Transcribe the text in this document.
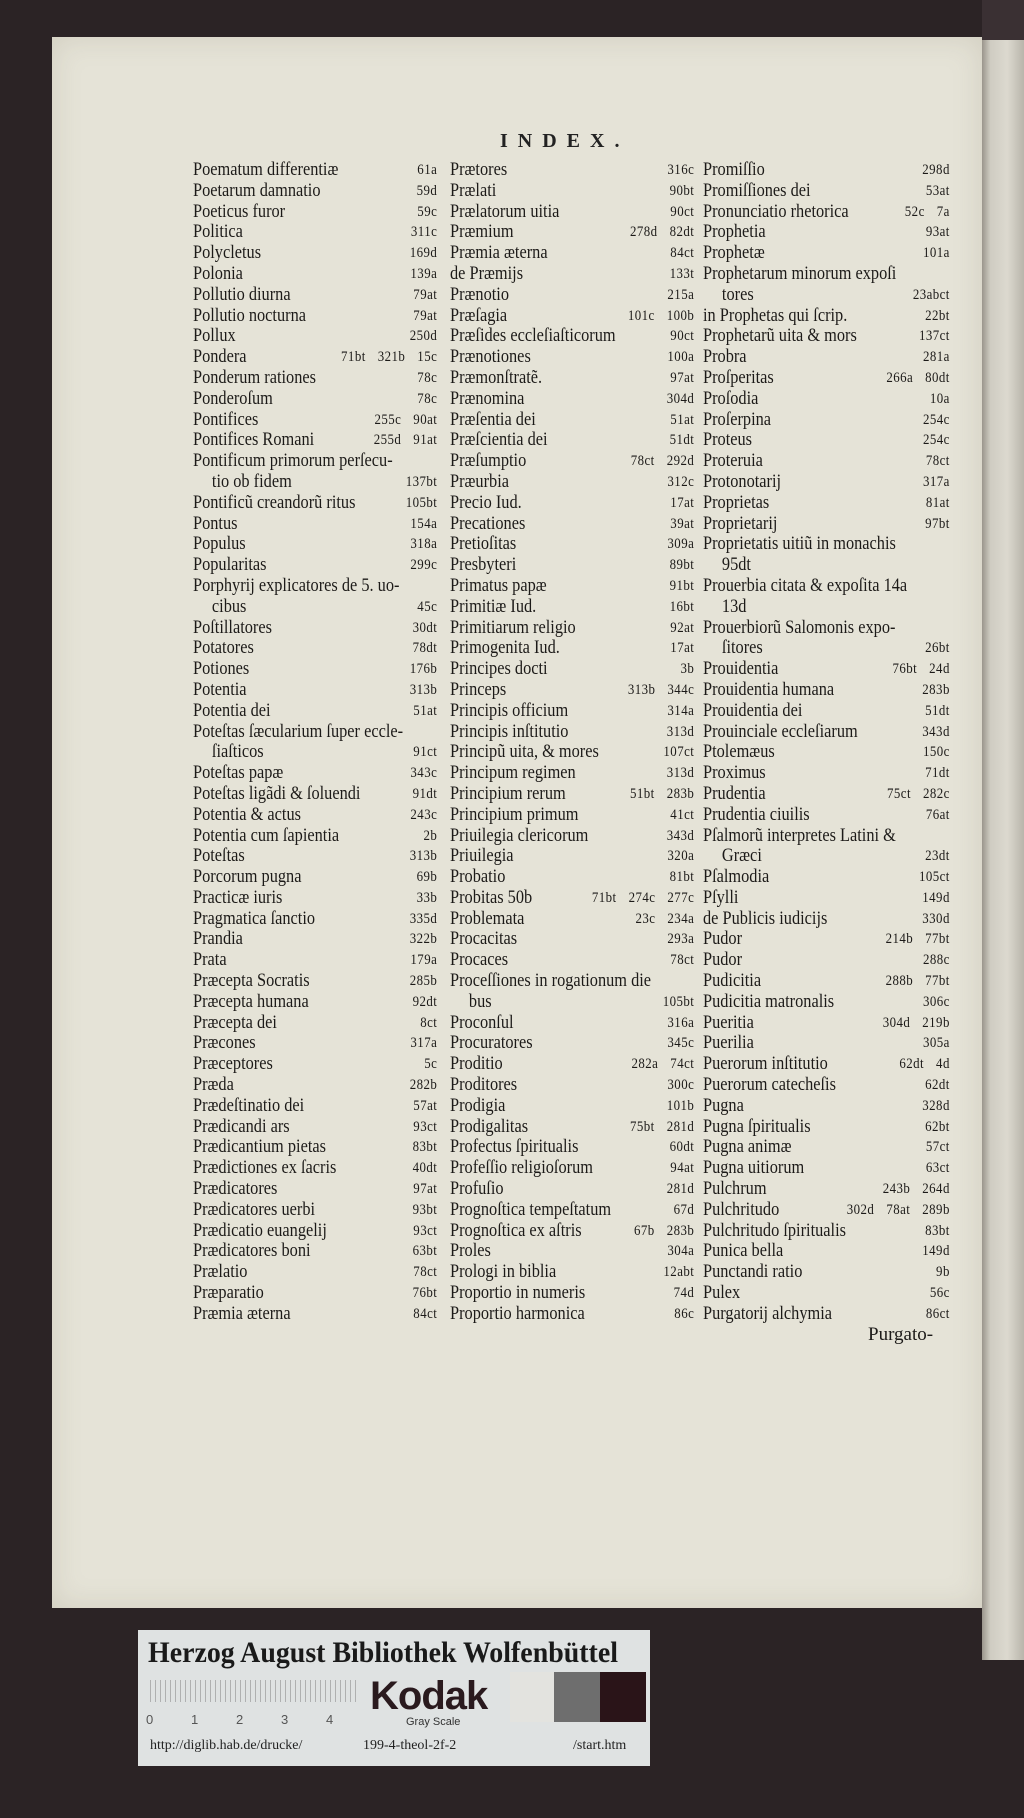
INDEX.
Poematum differentiæ	61a
Poetarum damnatio	59d
Poeticus furor	59c
Politica	311c
Polycletus	169d
Polonia	139a
Pollutio diurna	79at
Pollutio nocturna	79at
Pollux	250d
Pondera	71bt 321b 15c
Ponderum rationes	78c
Ponderoſum	78c
Pontifices	255c 90at
Pontifices Romani	255d 91at
Pontificum primorum perſecu-
tio ob fidem	137bt
Pontificũ creandorũ ritus	105bt
Pontus	154a
Populus	318a
Popularitas	299c
Porphyrij explicatores de 5. uo-
cibus	45c
Poſtillatores	30dt
Potatores	78dt
Potiones	176b
Potentia	313b
Potentia dei	51at
Poteſtas ſæcularium ſuper eccle-
ſiaſticos	91ct
Poteſtas papæ	343c
Poteſtas ligãdi & ſoluendi	91dt
Potentia & actus	243c
Potentia cum ſapientia	2b
Poteſtas	313b
Porcorum pugna	69b
Practicæ iuris	33b
Pragmatica ſanctio	335d
Prandia	322b
Prata	179a
Præcepta Socratis	285b
Præcepta humana	92dt
Præcepta dei	8ct
Præcones	317a
Præceptores	5c
Præda	282b
Prædeſtinatio dei	57at
Prædicandi ars	93ct
Prædicantium pietas	83bt
Prædictiones ex ſacris	40dt
Prædicatores	97at
Prædicatores uerbi	93bt
Prædicatio euangelij	93ct
Prædicatores boni	63bt
Prælatio	78ct
Præparatio	76bt
Præmia æterna	84ct
Prætores	316c
Prælati	90bt
Prælatorum uitia	90ct
Præmium	278d 82dt
Præmia æterna	84ct
de Præmijs	133t
Prænotio	215a
Præſagia	101c 100b
Præſides eccleſiaſticorum	90ct
Prænotiones	100a
Præmonſtratẽ.	97at
Prænomina	304d
Præſentia dei	51at
Præſcientia dei	51dt
Præſumptio	78ct 292d
Præurbia	312c
Precio Iud.	17at
Precationes	39at
Pretioſitas	309a
Presbyteri	89bt
Primatus papæ	91bt
Primitiæ Iud.	16bt
Primitiarum religio	92at
Primogenita Iud.	17at
Principes docti	3b
Princeps	313b 344c
Principis officium	314a
Principis inſtitutio	313d
Principũ uita, & mores	107ct
Principum regimen	313d
Principium rerum	51bt 283b
Principium primum	41ct
Priuilegia clericorum	343d
Priuilegia	320a
Probatio	81bt
Probitas 50b	71bt 274c 277c
Problemata	23c 234a
Procacitas	293a
Procaces	78ct
Proceſſiones in rogationum die
bus	105bt
Proconſul	316a
Procuratores	345c
Proditio	282a 74ct
Proditores	300c
Prodigia	101b
Prodigalitas	75bt 281d
Profectus ſpiritualis	60dt
Profeſſio religioſorum	94at
Profuſio	281d
Prognoſtica tempeſtatum	67d
Prognoſtica ex aſtris	67b 283b
Proles	304a
Prologi in biblia	12abt
Proportio in numeris	74d
Proportio harmonica	86c
Promiſſio	298d
Promiſſiones dei	53at
Pronunciatio rhetorica	52c 7a
Prophetia	93at
Prophetæ	101a
Prophetarum minorum expoſi
tores	23abct
in Prophetas qui ſcrip.	22bt
Prophetarũ uita & mors	137ct
Probra	281a
Proſperitas	266a 80dt
Proſodia	10a
Proſerpina	254c
Proteus	254c
Proteruia	78ct
Protonotarij	317a
Proprietas	81at
Proprietarij	97bt
Proprietatis uitiũ in monachis
95dt
Prouerbia citata & expoſita 14a
13d
Prouerbiorũ Salomonis expo-
ſitores	26bt
Prouidentia	76bt 24d
Prouidentia humana	283b
Prouidentia dei	51dt
Prouinciale eccleſiarum	343d
Ptolemæus	150c
Proximus	71dt
Prudentia	75ct 282c
Prudentia ciuilis	76at
Pſalmorũ interpretes Latini &
Græci	23dt
Pſalmodia	105ct
Pſylli	149d
de Publicis iudicijs	330d
Pudor	214b 77bt
Pudor	288c
Pudicitia	288b 77bt
Pudicitia matronalis	306c
Pueritia	304d 219b
Puerilia	305a
Puerorum inſtitutio	62dt 4d
Puerorum catecheſis	62dt
Pugna	328d
Pugna ſpiritualis	62bt
Pugna animæ	57ct
Pugna uitiorum	63ct
Pulchrum	243b 264d
Pulchritudo	302d 78at 289b
Pulchritudo ſpiritualis	83bt
Punica bella	149d
Punctandi ratio	9b
Pulex	56c
Purgatorij alchymia	86ct
Purgato-
Herzog August Bibliothek Wolfenbüttel
0	1	2	3	4
Kodak
Gray Scale
http://diglib.hab.de/drucke/	199-4-theol-2f-2	/start.htm
